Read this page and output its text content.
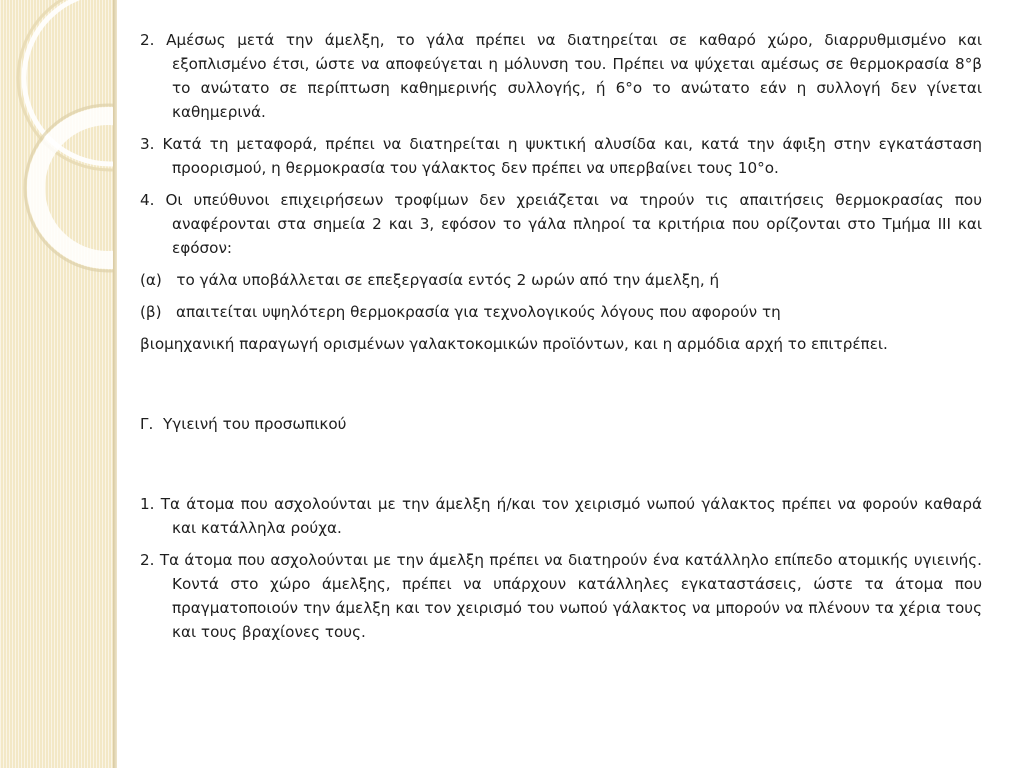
2. Αμέσως μετά την άμελξη, το γάλα πρέπει να διατηρείται σε καθαρό χώρο, διαρρυθμισμένο και εξοπλισμένο έτσι, ώστε να αποφεύγεται η μόλυνση του. Πρέπει να ψύχεται αμέσως σε θερμοκρασία 8°β το ανώτατο σε περίπτωση καθημερινής συλλογής, ή 6°ο το ανώτατο εάν η συλλογή δεν γίνεται καθημερινά.

3. Κατά τη μεταφορά, πρέπει να διατηρείται η ψυκτική αλυσίδα και, κατά την άφιξη στην εγκατάσταση προορισμού, η θερμοκρασία του γάλακτος δεν πρέπει να υπερβαίνει τους 10°ο.

4. Οι υπεύθυνοι επιχειρήσεων τροφίμων δεν χρειάζεται να τηρούν τις απαιτήσεις θερμοκρασίας που αναφέρονται στα σημεία 2 και 3, εφόσον το γάλα πληροί τα κριτήρια που ορίζονται στο Τμήμα III και εφόσον:

(α)   το γάλα υποβάλλεται σε επεξεργασία εντός 2 ωρών από την άμελξη, ή

(β)   απαιτείται υψηλότερη θερμοκρασία για τεχνολογικούς λόγους που αφορούν τη

βιομηχανική παραγωγή ορισμένων γαλακτοκομικών προϊόντων, και η αρμόδια αρχή το επιτρέπει.

Γ.  Υγιεινή του προσωπικού

1. Τα άτομα που ασχολούνται με την άμελξη ή/και τον χειρισμό νωπού γάλακτος πρέπει να φορούν καθαρά και κατάλληλα ρούχα.

2. Τα άτομα που ασχολούνται με την άμελξη πρέπει να διατηρούν ένα κατάλληλο επίπεδο ατομικής υγιεινής. Κοντά στο χώρο άμελξης, πρέπει να υπάρχουν κατάλληλες εγκαταστάσεις, ώστε τα άτομα που πραγματοποιούν την άμελξη και τον χειρισμό του νωπού γάλακτος να μπορούν να πλένουν τα χέρια τους και τους βραχίονες τους.
